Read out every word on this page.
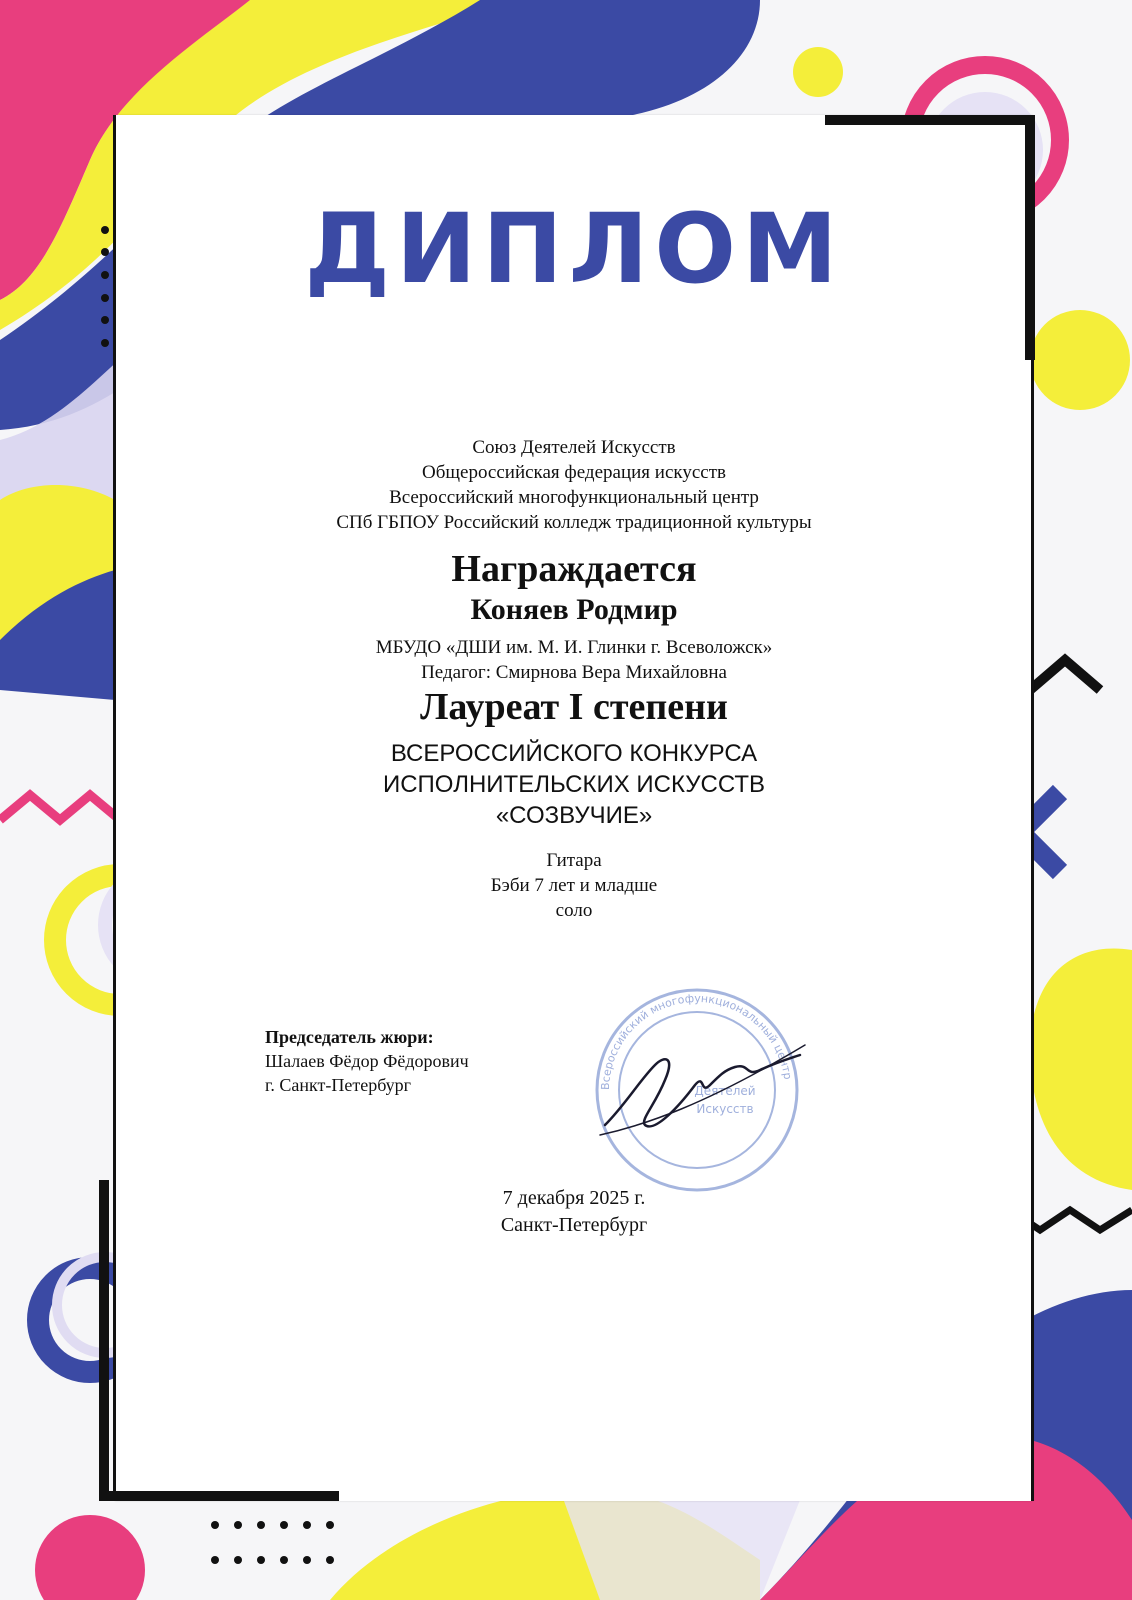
ДИПЛОМ
Союз Деятелей Искусств
Общероссийская федерация искусств
Всероссийский многофункциональный центр
СПб ГБПОУ Российский колледж традиционной культуры
Награждается
Коняев Родмир
МБУДО «ДШИ им. М. И. Глинки г. Всеволожск»
Педагог: Смирнова Вера Михайловна
Лауреат I степени
ВСЕРОССИЙСКОГО КОНКУРСА
ИСПОЛНИТЕЛЬСКИХ ИСКУССТВ
«СОЗВУЧИЕ»
Гитара
Бэби 7 лет и младше
соло
Председатель жюри:
Шалаев Фёдор Фёдорович
г. Санкт-Петербург	Всероссийский многофункциональный центр
Деятелей
Искусств
7 декабря 2025 г.
Санкт-Петербург
